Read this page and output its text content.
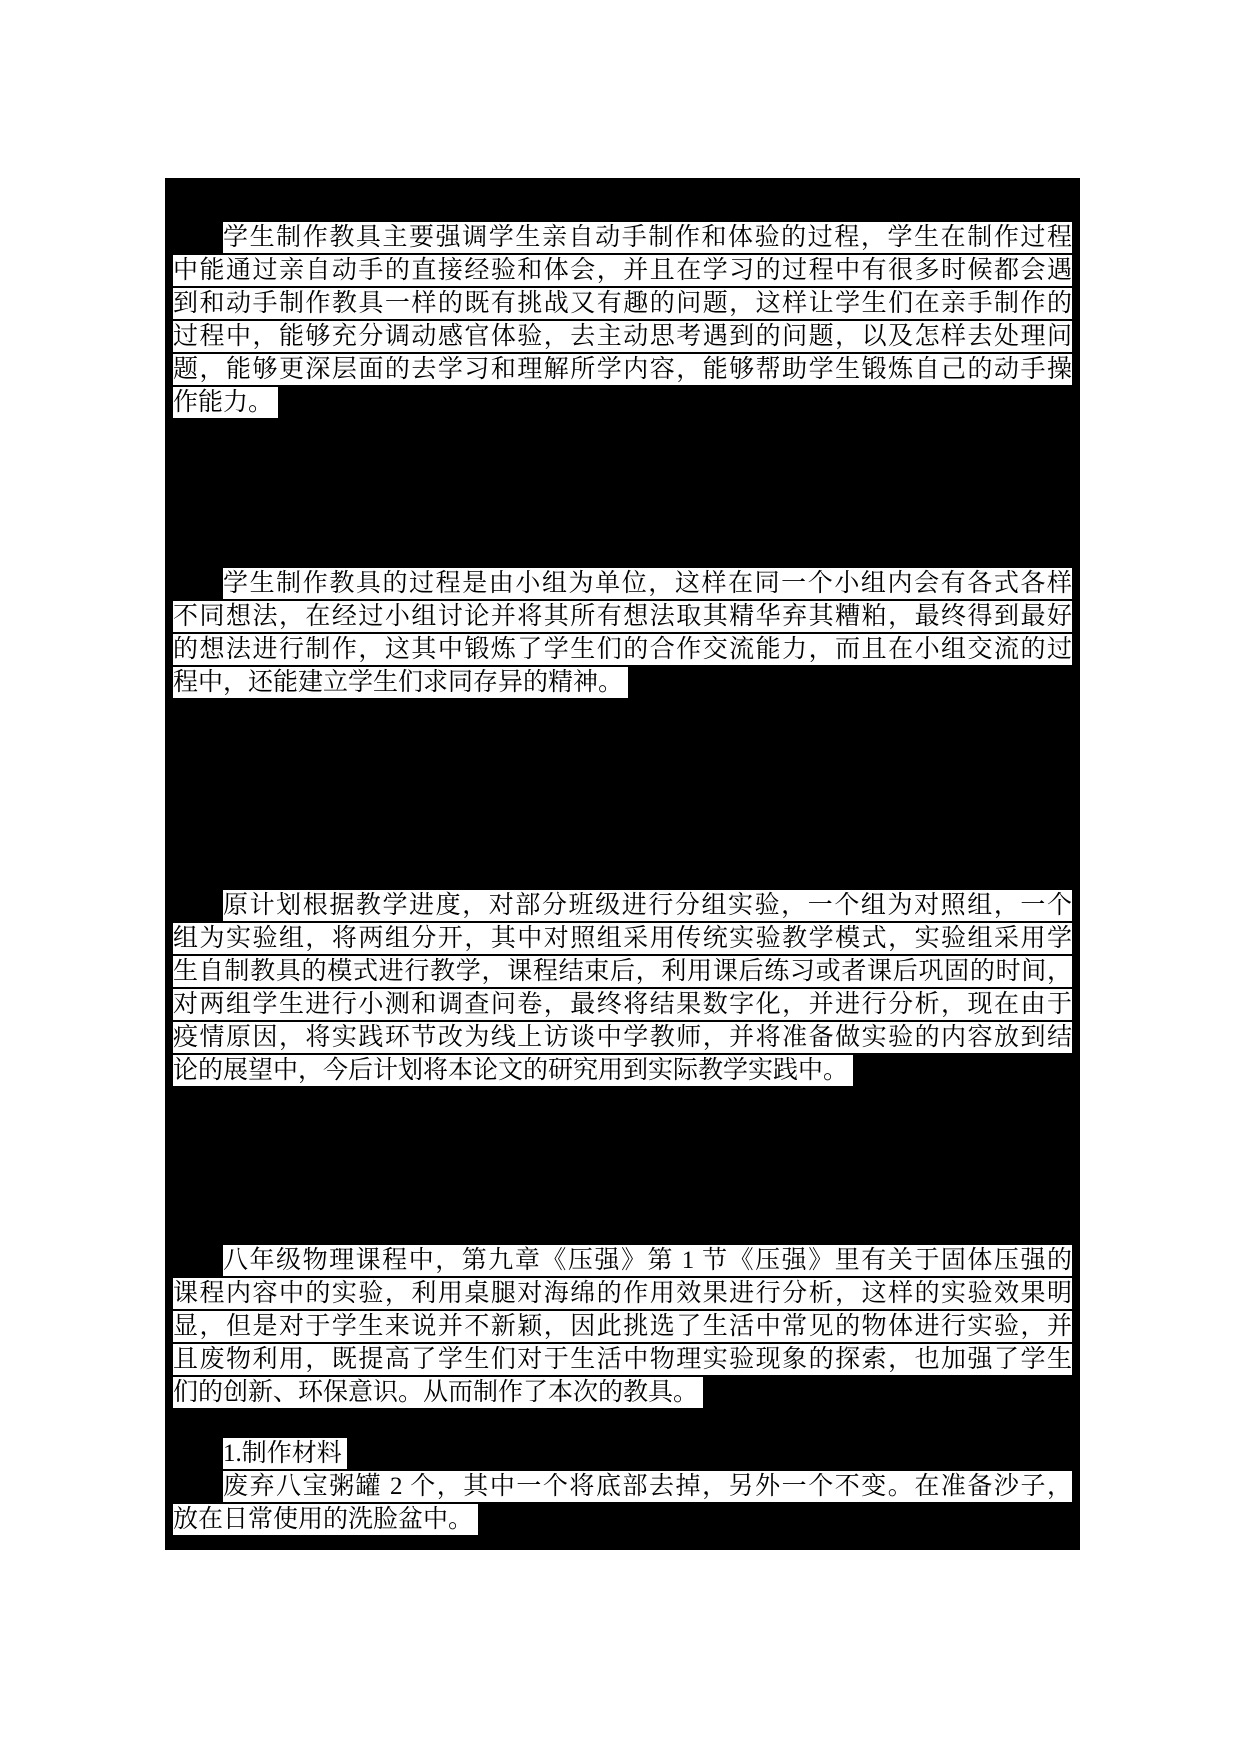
学生制作教具主要强调学生亲自动手制作和体验的过程，学生在制作过程
中能通过亲自动手的直接经验和体会，并且在学习的过程中有很多时候都会遇
到和动手制作教具一样的既有挑战又有趣的问题，这样让学生们在亲手制作的
过程中，能够充分调动感官体验，去主动思考遇到的问题，以及怎样去处理问
题，能够更深层面的去学习和理解所学内容，能够帮助学生锻炼自己的动手操
作能力。
学生制作教具的过程是由小组为单位，这样在同一个小组内会有各式各样
不同想法，在经过小组讨论并将其所有想法取其精华弃其糟粕，最终得到最好
的想法进行制作，这其中锻炼了学生们的合作交流能力，而且在小组交流的过
程中，还能建立学生们求同存异的精神。
原计划根据教学进度，对部分班级进行分组实验，一个组为对照组，一个
组为实验组，将两组分开，其中对照组采用传统实验教学模式，实验组采用学
生自制教具的模式进行教学，课程结束后，利用课后练习或者课后巩固的时间，
对两组学生进行小测和调查问卷，最终将结果数字化，并进行分析，现在由于
疫情原因，将实践环节改为线上访谈中学教师，并将准备做实验的内容放到结
论的展望中，今后计划将本论文的研究用到实际教学实践中。
八年级物理课程中，第九章《压强》第 1 节《压强》里有关于固体压强的
课程内容中的实验，利用桌腿对海绵的作用效果进行分析，这样的实验效果明
显，但是对于学生来说并不新颖，因此挑选了生活中常见的物体进行实验，并
且废物利用，既提高了学生们对于生活中物理实验现象的探索，也加强了学生
们的创新、环保意识。从而制作了本次的教具。
1.制作材料
废弃八宝粥罐 2 个，其中一个将底部去掉，另外一个不变。在准备沙子，
放在日常使用的洗脸盆中。
